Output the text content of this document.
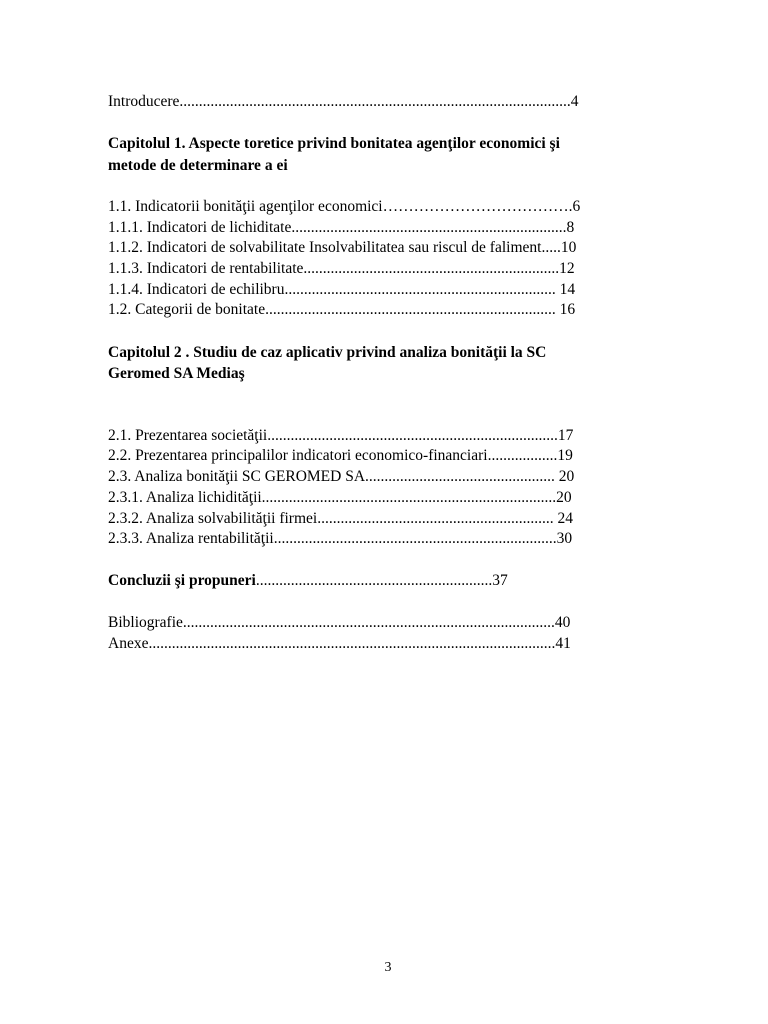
Introducere.....................................................................................................4
Capitolul 1. Aspecte toretice privind bonitatea agenţilor economici şi
metode de determinare a ei
1.1. Indicatorii bonităţii agenţilor economici……………………………….6
1.1.1. Indicatori de lichiditate.......................................................................8
1.1.2. Indicatori de solvabilitate Insolvabilitatea sau riscul de faliment.....10
1.1.3. Indicatori de rentabilitate..................................................................12
1.1.4. Indicatori de echilibru...................................................................... 14
1.2. Categorii de bonitate........................................................................... 16
Capitolul 2 . Studiu de caz aplicativ privind analiza bonităţii la SC
Geromed SA Mediaş
2.1. Prezentarea societăţii...........................................................................17
2.2. Prezentarea principalilor indicatori economico-financiari..................19
2.3. Analiza bonităţii SC GEROMED SA................................................. 20
2.3.1. Analiza lichidităţii............................................................................20
2.3.2. Analiza solvabilităţii firmei............................................................. 24
2.3.3. Analiza rentabilităţii.........................................................................30
Concluzii şi propuneri.............................................................37
Bibliografie................................................................................................40
Anexe.........................................................................................................41
3
